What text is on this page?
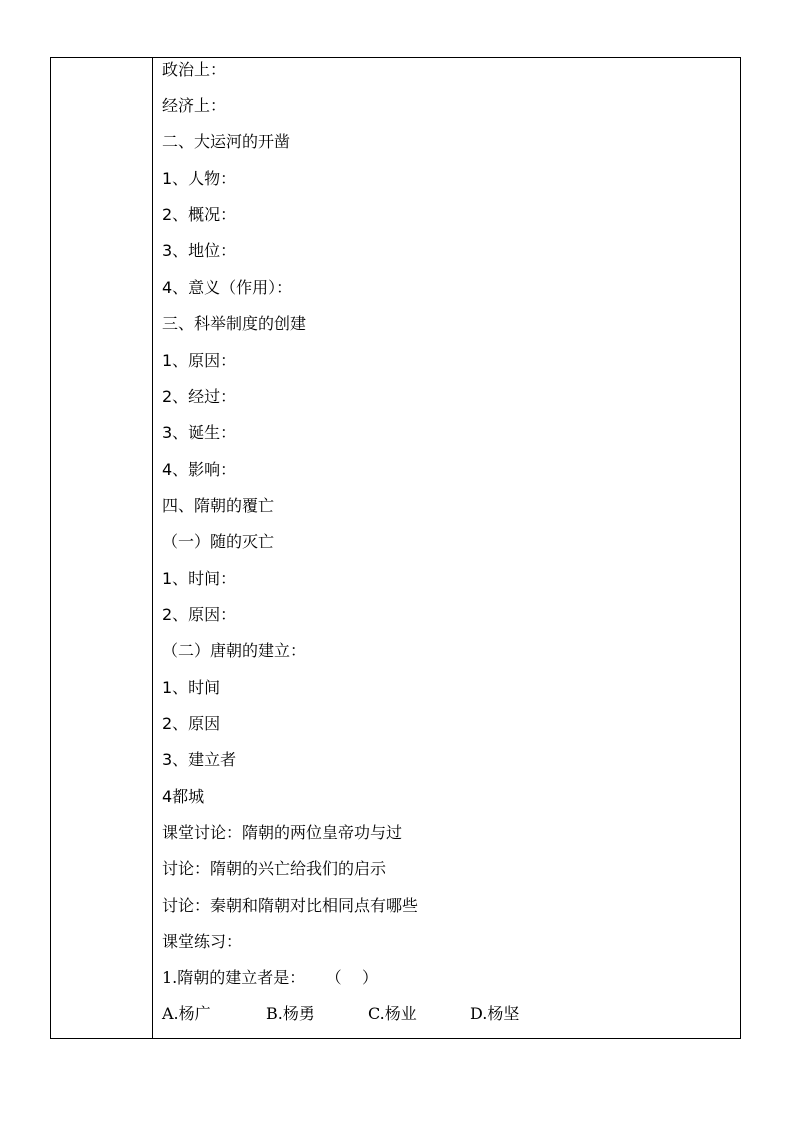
政治上：
经济上：
二、大运河的开凿
1、人物：
2、概况：
3、地位：
4、意义（作用）：
三、科举制度的创建
1、原因：
2、经过：
3、诞生：
4、影响：
四、隋朝的覆亡
（一）随的灭亡
1、时间：
2、原因：
（二）唐朝的建立：
1、时间
2、原因
3、建立者
4都城
课堂讨论：隋朝的两位皇帝功与过
讨论：隋朝的兴亡给我们的启示
讨论：秦朝和隋朝对比相同点有哪些
课堂练习：
1.隋朝的建立者是：    （    ）
A.杨广	B.杨勇	C.杨业	D.杨坚
